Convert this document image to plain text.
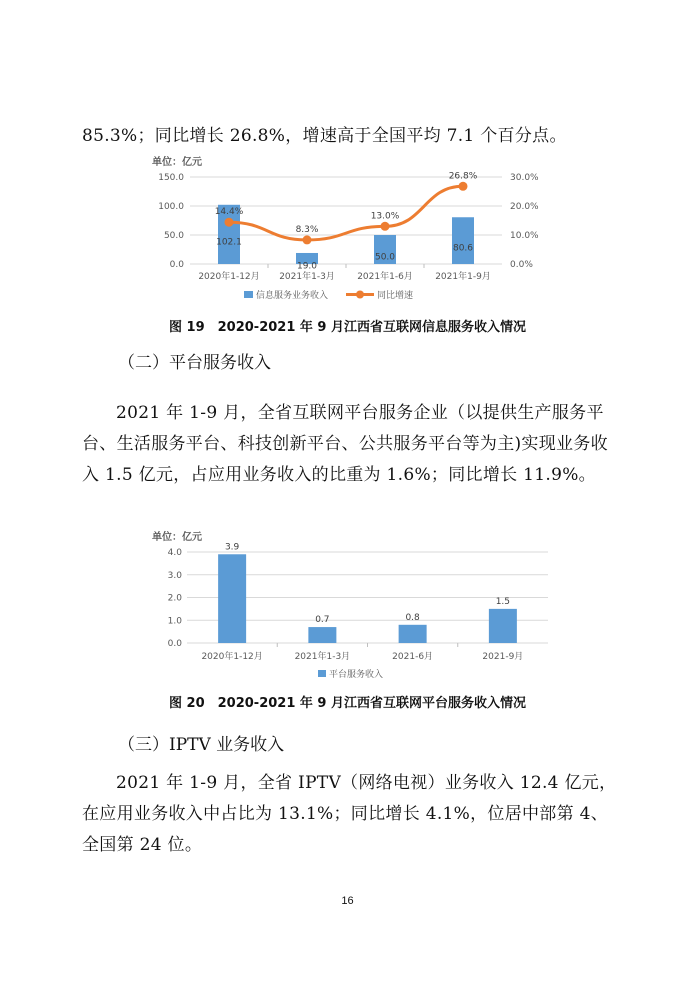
85.3%；同比增长 26.8%，增速高于全国平均 7.1 个百分点。

单位：亿元
150.0
100.0
50.0
0.0
30.0%
20.0%
10.0%
0.0%
102.1
2020年1-12月
19.0
2021年1-3月
50.0
2021年1-6月
80.6
2021年1-9月
14.4%
8.3%
13.0%
26.8%
信息服务业务收入	同比增速

图 19　2020-2021 年 9 月江西省互联网信息服务收入情况

（二）平台服务收入

2021 年 1-9 月，全省互联网平台服务企业（以提供生产服务平台、生活服务平台、科技创新平台、公共服务平台等为主)实现业务收入 1.5 亿元，占应用业务收入的比重为 1.6%；同比增长 11.9%。

单位：亿元
4.0
3.0
2.0
1.0
0.0
3.9
2020年1-12月
0.7
2021年1-3月
0.8
2021-6月
1.5
2021-9月
平台服务收入

图 20　2020-2021 年 9 月江西省互联网平台服务收入情况

（三）IPTV 业务收入

2021 年 1-9 月，全省 IPTV（网络电视）业务收入 12.4 亿元，在应用业务收入中占比为 13.1%；同比增长 4.1%，位居中部第 4、全国第 24 位。

16
